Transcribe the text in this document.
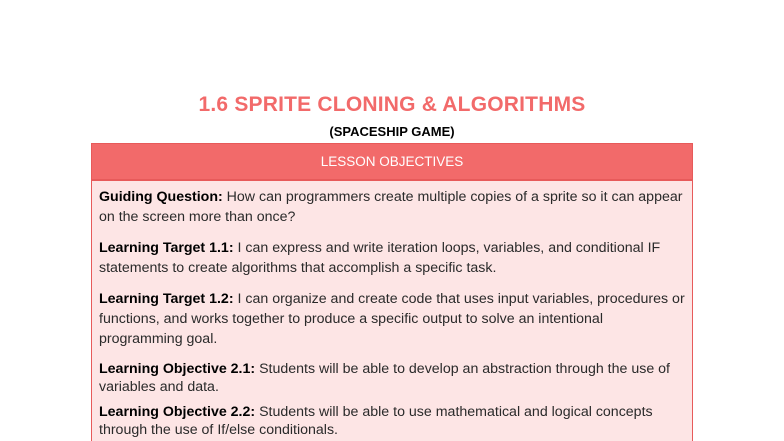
1.6 SPRITE CLONING & ALGORITHMS
(SPACESHIP GAME)
LESSON OBJECTIVES
Guiding Question: How can programmers create multiple copies of a sprite so it can appear on the screen more than once?
Learning Target 1.1: I can express and write iteration loops, variables, and conditional IF statements to create algorithms that accomplish a specific task.
Learning Target 1.2: I can organize and create code that uses input variables, procedures or functions, and works together to produce a specific output to solve an intentional programming goal.
Learning Objective 2.1: Students will be able to develop an abstraction through the use of variables and data.
Learning Objective 2.2: Students will be able to use mathematical and logical concepts through the use of If/else conditionals.
